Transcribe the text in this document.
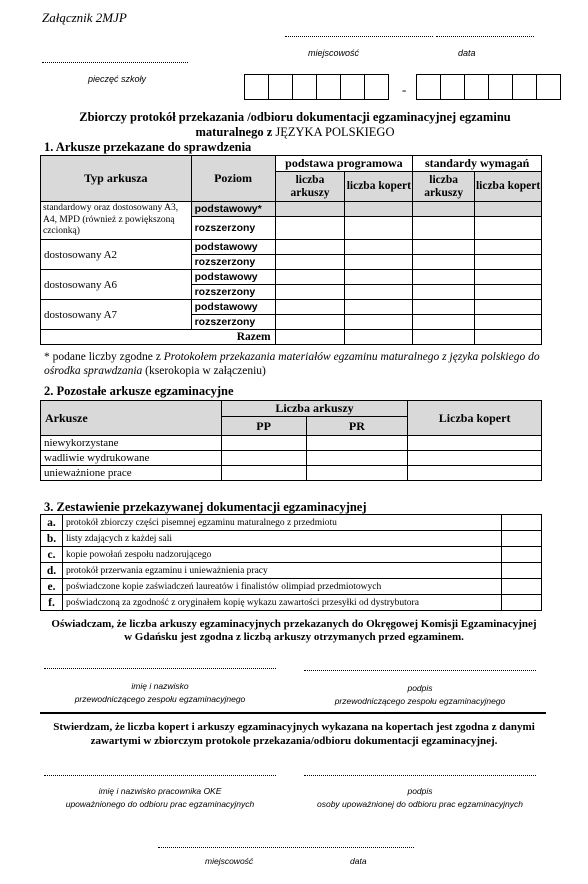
Załącznik 2MJP
miejscowość	data
pieczęć szkoły
-
Zbiorczy protokół przekazania /odbioru dokumentacji egzaminacyjnej egzaminu
maturalnego z JĘZYKA POLSKIEGO
1. Arkusze przekazane do sprawdzenia
Typ arkusza	Poziom	podstawa programowa		standardy wymagań	
		liczba arkuszy	liczba kopert	liczba arkuszy	liczba kopert
standardowy oraz dostosowany A3, A4, MPD (również z powiększoną czcionką)	podstawowy*				
	rozszerzony				
dostosowany A2	podstawowy				
	rozszerzony				
dostosowany A6	podstawowy				
	rozszerzony				
dostosowany A7	podstawowy				
	rozszerzony				
Razem					
* podane liczby zgodne z Protokołem przekazania materiałów egzaminu maturalnego z języka polskiego do ośrodka sprawdzania (kserokopia w załączeniu)
2. Pozostałe arkusze egzaminacyjne
Arkusze	Liczba arkuszy		Liczba kopert
	PP	PR	
niewykorzystane			
wadliwie wydrukowane			
unieważnione prace			
3. Zestawienie przekazywanej dokumentacji egzaminacyjnej
a.	protokół zbiorczy części pisemnej egzaminu maturalnego z przedmiotu	
b.	listy zdających z każdej sali	
c.	kopie powołań zespołu nadzorującego	
d.	protokół przerwania egzaminu i unieważnienia pracy	
e.	poświadczone kopie zaświadczeń laureatów i finalistów olimpiad przedmiotowych	
f.	poświadczoną za zgodność z oryginałem kopię wykazu zawartości przesyłki od dystrybutora	
Oświadczam, że liczba arkuszy egzaminacyjnych przekazanych do Okręgowej Komisji Egzaminacyjnej
w Gdańsku jest zgodna z liczbą arkuszy otrzymanych przed egzaminem.
imię i nazwisko
przewodniczącego zespołu egzaminacyjnego
podpis
przewodniczącego zespołu egzaminacyjnego
Stwierdzam, że liczba kopert i arkuszy egzaminacyjnych wykazana na kopertach jest zgodna z danymi
zawartymi w zbiorczym protokole przekazania/odbioru dokumentacji egzaminacyjnej.
imię i nazwisko pracownika OKE
upoważnionego do odbioru prac egzaminacyjnych
podpis
osoby upoważnionej do odbioru prac egzaminacyjnych
miejscowość	data
